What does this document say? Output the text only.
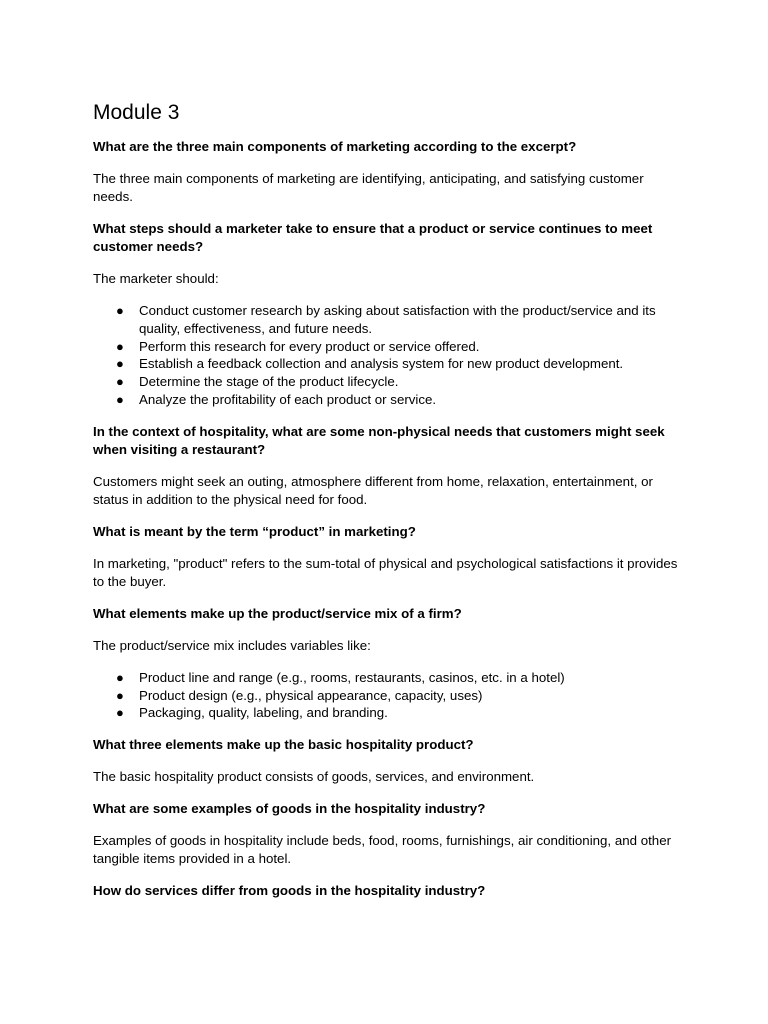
Module 3

What are the three main components of marketing according to the excerpt?

The three main components of marketing are identifying, anticipating, and satisfying customer needs.

What steps should a marketer take to ensure that a product or service continues to meet customer needs?

The marketer should:

● Conduct customer research by asking about satisfaction with the product/service and its quality, effectiveness, and future needs.
● Perform this research for every product or service offered.
● Establish a feedback collection and analysis system for new product development.
● Determine the stage of the product lifecycle.
● Analyze the profitability of each product or service.

In the context of hospitality, what are some non-physical needs that customers might seek when visiting a restaurant?

Customers might seek an outing, atmosphere different from home, relaxation, entertainment, or status in addition to the physical need for food.

What is meant by the term “product” in marketing?

In marketing, "product" refers to the sum-total of physical and psychological satisfactions it provides to the buyer.

What elements make up the product/service mix of a firm?

The product/service mix includes variables like:

● Product line and range (e.g., rooms, restaurants, casinos, etc. in a hotel)
● Product design (e.g., physical appearance, capacity, uses)
● Packaging, quality, labeling, and branding.

What three elements make up the basic hospitality product?

The basic hospitality product consists of goods, services, and environment.

What are some examples of goods in the hospitality industry?

Examples of goods in hospitality include beds, food, rooms, furnishings, air conditioning, and other tangible items provided in a hotel.

How do services differ from goods in the hospitality industry?
